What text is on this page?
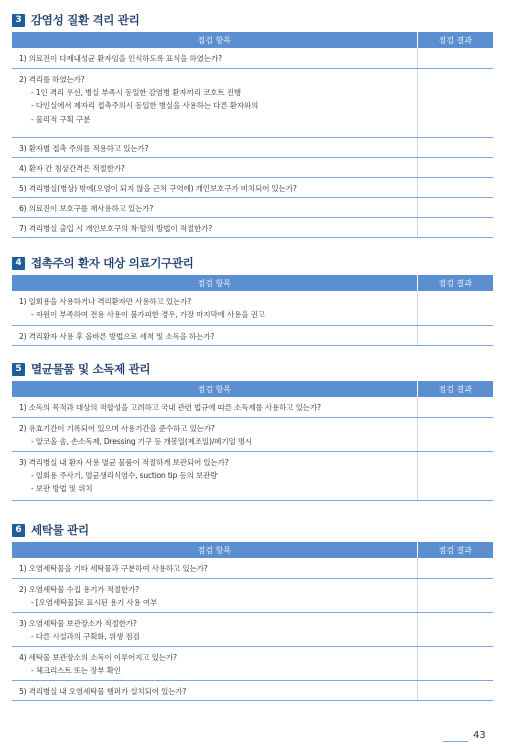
3 감염성 질환 격리 관리
점검 항목	점검 결과

1) 의료진이 다제내성균 환자임을 인식하도록 표식을 하였는가?	

2) 격리를 하였는가?
- 1인 격리 우선, 병실 부족시 동일한 감염병 환자끼리 코호트 진행
- 다인실에서 제자리 접촉주의시 동일한 병실을 사용하는 다른 환자와의
- 물리적 구획 구분	

3) 환자별 접촉 주의를 적용하고 있는가?	

4) 환자 간 침상간격은 적절한가?	

5) 격리병실(병상) 밖에(오염이 되지 않을 근처 구역에) 개인보호구가 비치되어 있는가?	

6) 의료진이 보호구를 재사용하고 있는가?	

7) 격리병실 출입 시 개인보호구의 착·탈의 방법이 적절한가?	

4 접촉주의 환자 대상 의료기구관리
점검 항목	점검 결과

1) 일회용을 사용하거나 격리환자만 사용하고 있는가?
- 자원이 부족하여 전용 사용이 불가피한 경우, 가장 마지막에 사용을 권고	

2) 격리환자 사용 후 올바른 방법으로 세척 및 소독을 하는가?	

5 멸균물품 및 소독제 관리
점검 항목	점검 결과

1) 소독의 목적과 대상의 적합성을 고려하고 국내 관련 법규에 따른 소독제를 사용하고 있는가?	

2) 유효기간이 기록되어 있으며 사용기간을 준수하고 있는가?
- 알코올 솜, 손소독제, Dressing 기구 등 개봉일(제조일)/폐기일 명시	

3) 격리병실 내 환자 사용 멸균 물품이 적절하게 보관되어 있는가?
- 일회용 주사기, 멸균생리식염수, suction tip 등의 보관량
- 보관 방법 및 위치	

6 세탁물 관리
점검 항목	점검 결과

1) 오염세탁물을 기타 세탁물과 구분하여 사용하고 있는가?	

2) 오염세탁물 수집 용기가 적절한가?
- [오염세탁물]로 표시된 용기 사용 여부	

3) 오염세탁물 보관장소가 적절한가?
- 다른 시설과의 구획화, 위생 점검	

4) 세탁물 보관장소의 소독이 이루어지고 있는가?
- 체크리스트 또는 장부 확인	

5) 격리병실 내 오염세탁물 행퍼가 설치되어 있는가?	

43
